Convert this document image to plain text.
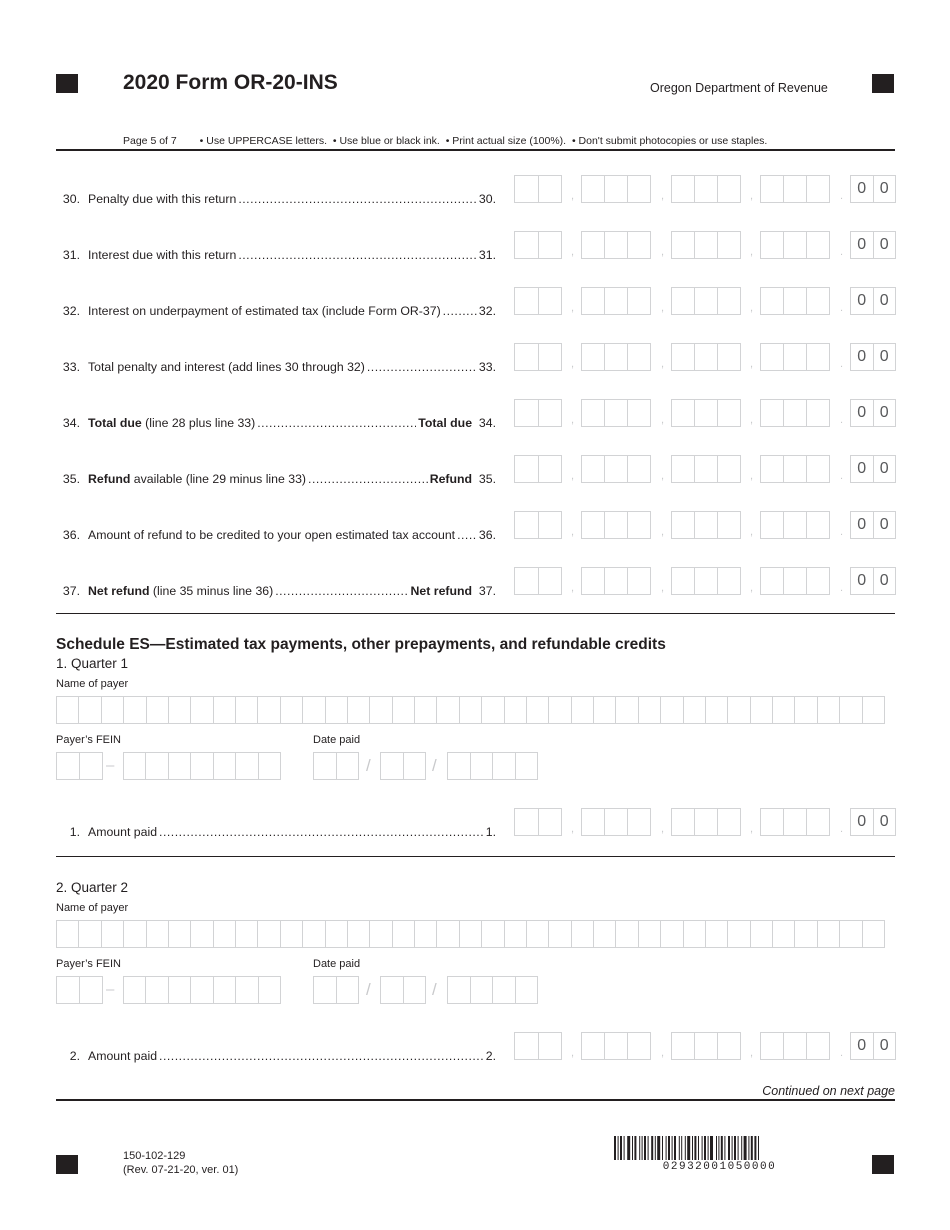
2020 Form OR-20-INS	Oregon Department of Revenue
Page 5 of 7 • Use UPPERCASE letters. • Use blue or black ink. • Print actual size (100%). • Don't submit photocopies or use staples.
30. Penalty due with this return .....	30.	,	,	,	. 0 0
31. Interest due with this return .....	31.	,	,	,	. 0 0
32. Interest on underpayment of estimated tax (include Form OR-37) .....	32.	,	,	,	. 0 0
33. Total penalty and interest (add lines 30 through 32) .....	33.	,	,	,	. 0 0
34. Total due (line 28 plus line 33) .....	Total due 34.	,	,	,	. 0 0
35. Refund available (line 29 minus line 33) .....	Refund 35.	,	,	,	. 0 0
36. Amount of refund to be credited to your open estimated tax account ..... 36.	,	,	,	. 0 0
37. Net refund (line 35 minus line 36) .....	Net refund 37.	,	,	,	. 0 0
Schedule ES—Estimated tax payments, other prepayments, and refundable credits
1. Quarter 1
Name of payer
Payer’s FEIN	Date paid
–	/	/
1. Amount paid .....	1.	,	,	,	. 0 0
2. Quarter 2
Name of payer
Payer’s FEIN	Date paid
–	/	/
2. Amount paid .....	2.	,	,	,	. 0 0
Continued on next page
150-102-129
(Rev. 07-21-20, ver. 01)	02932001050000
